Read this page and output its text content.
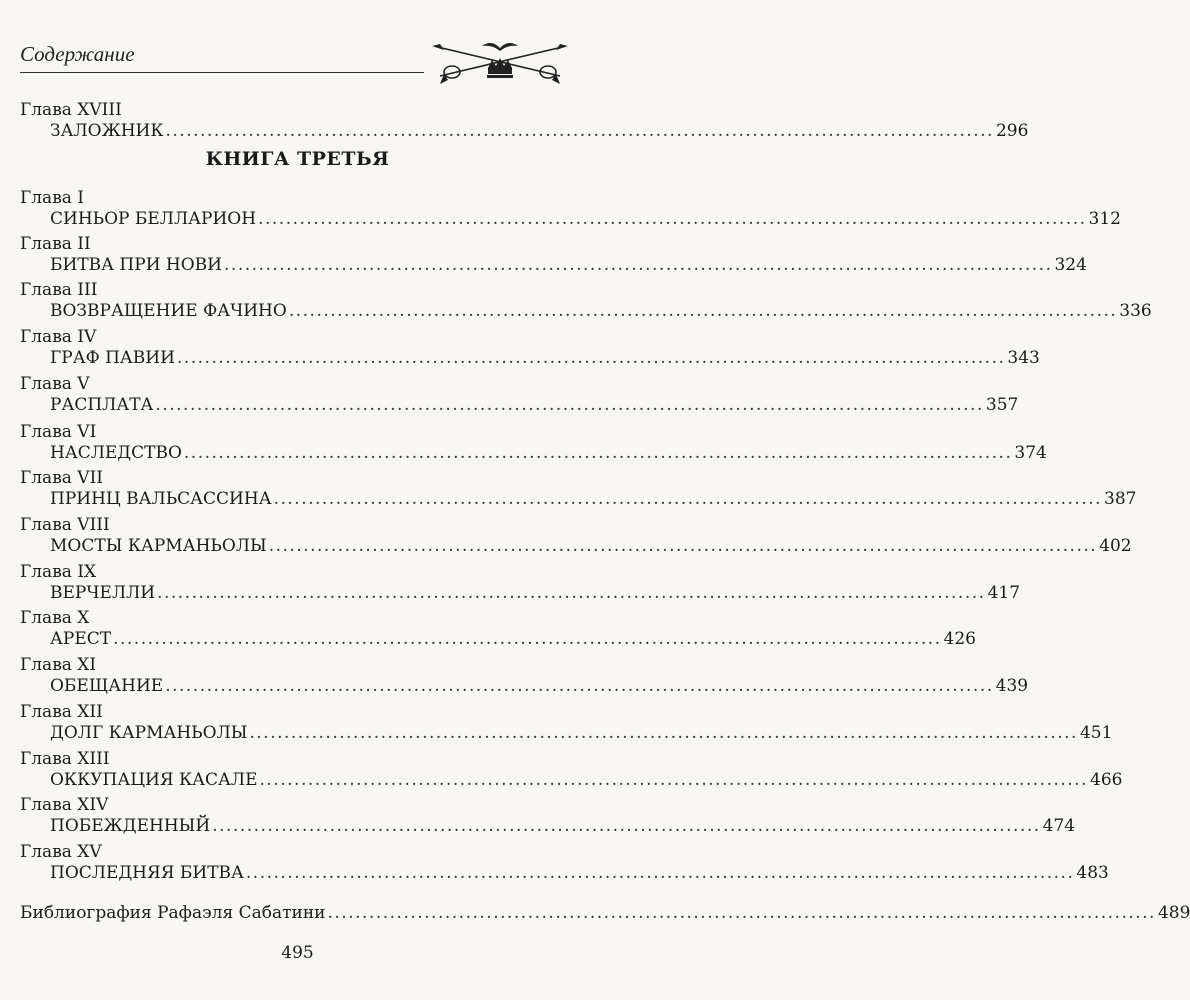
Содержание
Глава XVIII
ЗАЛОЖНИК ........................................................................................................................ 296
КНИГА ТРЕТЬЯ
Глава I
СИНЬОР БЕЛЛАРИОН ........................................................................................................................ 312
Глава II
БИТВА ПРИ НОВИ ........................................................................................................................ 324
Глава III
ВОЗВРАЩЕНИЕ ФАЧИНО ........................................................................................................................ 336
Глава IV
ГРАФ ПАВИИ ........................................................................................................................ 343
Глава V
РАСПЛАТА ........................................................................................................................ 357
Глава VI
НАСЛЕДСТВО ........................................................................................................................ 374
Глава VII
ПРИНЦ ВАЛЬСАССИНА ........................................................................................................................ 387
Глава VIII
МОСТЫ КАРМАНЬОЛЫ ........................................................................................................................ 402
Глава IX
ВЕРЧЕЛЛИ ........................................................................................................................ 417
Глава X
АРЕСТ ........................................................................................................................ 426
Глава XI
ОБЕЩАНИЕ ........................................................................................................................ 439
Глава XII
ДОЛГ КАРМАНЬОЛЫ ........................................................................................................................ 451
Глава XIII
ОККУПАЦИЯ КАСАЛЕ ........................................................................................................................ 466
Глава XIV
ПОБЕЖДЕННЫЙ ........................................................................................................................ 474
Глава XV
ПОСЛЕДНЯЯ БИТВА ........................................................................................................................ 483
Библиография Рафаэля Сабатини ........................................................................................................................ 489
495
